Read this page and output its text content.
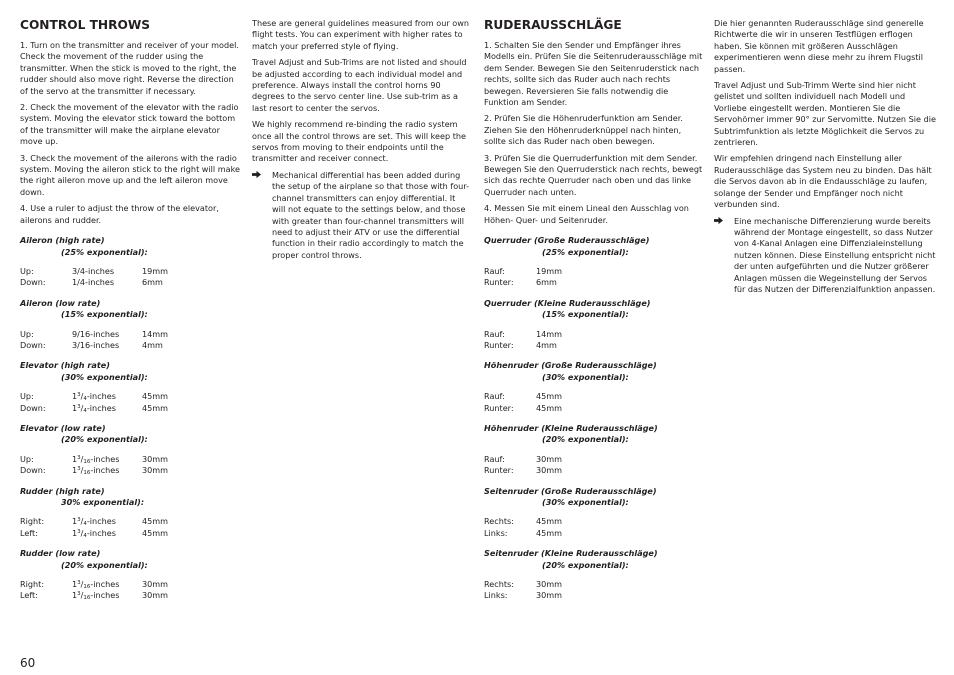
CONTROL THROWS

1. Turn on the transmitter and receiver of your model. Check the movement of the rudder using the transmitter. When the stick is moved to the right, the rudder should also move right. Reverse the direction of the servo at the transmitter if necessary.

2. Check the movement of the elevator with the radio system. Moving the elevator stick toward the bottom of the transmitter will make the airplane elevator move up.

3. Check the movement of the ailerons with the radio system. Moving the aileron stick to the right will make the right aileron move up and the left aileron move down.

4. Use a ruler to adjust the throw of the elevator, ailerons and rudder.

Aileron (high rate)
(25% exponential):
Up:	3/4-inches	19mm
Down:	1/4-inches	6mm
Aileron (low rate)
(15% exponential):
Up:	9/16-inches	14mm
Down:	3/16-inches	4mm
Elevator (high rate)
(30% exponential):
Up:	$1^3/_4$-inches	45mm
Down:	$1^3/_4$-inches	45mm
Elevator (low rate)
(20% exponential):
Up:	$1^3/_{16}$-inches	30mm
Down:	$1^3/_{16}$-inches	30mm
Rudder (high rate)
30% exponential):
Right:	$1^3/_4$-inches	45mm
Left:	$1^3/_4$-inches	45mm
Rudder (low rate)
(20% exponential):
Right:	$1^3/_{16}$-inches	30mm
Left:	$1^3/_{16}$-inches	30mm

These are general guidelines measured from our own flight tests. You can experiment with higher rates to match your preferred style of flying.

Travel Adjust and Sub-Trims are not listed and should be adjusted according to each individual model and preference. Always install the control horns 90 degrees to the servo center line. Use sub-trim as a last resort to center the servos.

We highly recommend re-binding the radio system once all the control throws are set. This will keep the servos from moving to their endpoints until the transmitter and receiver connect.

Mechanical differential has been added during the setup of the airplane so that those with four-channel transmitters can enjoy differential. It will not equate to the settings below, and those with greater than four-channel transmitters will need to adjust their ATV or use the differential function in their radio accordingly to match the proper control throws.
RUDERAUSSCHLÄGE

1. Schalten Sie den Sender und Empfänger ihres Modells ein. Prüfen Sie die Seitenruderausschläge mit dem Sender. Bewegen Sie den Seitenruderstick nach rechts, sollte sich das Ruder auch nach rechts bewegen. Reversieren Sie falls notwendig die Funktion am Sender.

2. Prüfen Sie die Höhenruderfunktion am Sender. Ziehen Sie den Höhenruderknüppel nach hinten, sollte sich das Ruder nach oben bewegen.

3. Prüfen Sie die Querruderfunktion mit dem Sender. Bewegen Sie den Querruderstick nach rechts, bewegt sich das rechte Querruder nach oben und das linke Querruder nach unten.

4. Messen Sie mit einem Lineal den Ausschlag von Höhen- Quer- und Seitenruder.

Querruder (Große Ruderausschläge)
(25% exponential):
Rauf:	19mm
Runter:	6mm
Querruder (Kleine Ruderausschläge)
(15% exponential):
Rauf:	14mm
Runter:	4mm
Höhenruder (Große Ruderausschläge)
(30% exponential):
Rauf:	45mm
Runter:	45mm
Höhenruder (Kleine Ruderausschläge)
(20% exponential):
Rauf:	30mm
Runter:	30mm
Seitenruder (Große Ruderausschläge)
(30% exponential):
Rechts:	45mm
Links:	45mm
Seitenruder (Kleine Ruderausschläge)
(20% exponential):
Rechts:	30mm
Links:	30mm

Die hier genannten Ruderausschläge sind generelle Richtwerte die wir in unseren Testflügen erflogen haben. Sie können mit größeren Ausschlägen experimentieren wenn diese mehr zu ihrem Flugstil passen.

Travel Adjust und Sub-Trimm Werte sind hier nicht gelistet und sollten individuell nach Modell und Vorliebe eingestellt werden. Montieren Sie die Servohörner immer 90° zur Servomitte. Nutzen Sie die Subtrimfunktion als letzte Möglichkeit die Servos zu zentrieren.

Wir empfehlen dringend nach Einstellung aller Ruderausschläge das System neu zu binden. Das hält die Servos davon ab in die Endausschläge zu laufen, solange der Sender und Empfänger noch nicht verbunden sind.

Eine mechanische Differenzierung wurde bereits während der Montage eingestellt, so dass Nutzer von 4-Kanal Anlagen eine Diffenzialeinstellung nutzen können. Diese Einstellung entspricht nicht der unten aufgeführten und die Nutzer größerer Anlagen müssen die Wegeinstellung der Servos für das Nutzen der Differenzialfunktion anpassen.
60
